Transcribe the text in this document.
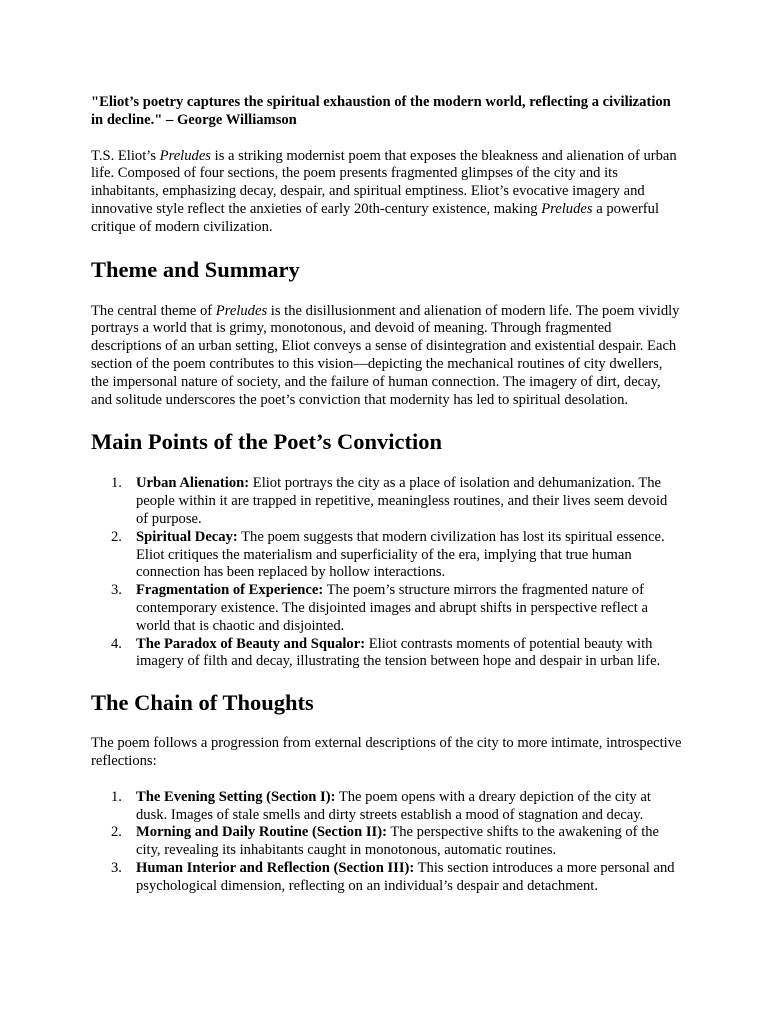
"Eliot’s poetry captures the spiritual exhaustion of the modern world, reflecting a civilization in decline." – George Williamson

T.S. Eliot’s Preludes is a striking modernist poem that exposes the bleakness and alienation of urban life. Composed of four sections, the poem presents fragmented glimpses of the city and its inhabitants, emphasizing decay, despair, and spiritual emptiness. Eliot’s evocative imagery and innovative style reflect the anxieties of early 20th-century existence, making Preludes a powerful critique of modern civilization.

Theme and Summary

The central theme of Preludes is the disillusionment and alienation of modern life. The poem vividly portrays a world that is grimy, monotonous, and devoid of meaning. Through fragmented descriptions of an urban setting, Eliot conveys a sense of disintegration and existential despair. Each section of the poem contributes to this vision—depicting the mechanical routines of city dwellers, the impersonal nature of society, and the failure of human connection. The imagery of dirt, decay, and solitude underscores the poet’s conviction that modernity has led to spiritual desolation.

Main Points of the Poet’s Conviction
1. Urban Alienation: Eliot portrays the city as a place of isolation and dehumanization. The people within it are trapped in repetitive, meaningless routines, and their lives seem devoid of purpose.
2. Spiritual Decay: The poem suggests that modern civilization has lost its spiritual essence. Eliot critiques the materialism and superficiality of the era, implying that true human connection has been replaced by hollow interactions.
3. Fragmentation of Experience: The poem’s structure mirrors the fragmented nature of contemporary existence. The disjointed images and abrupt shifts in perspective reflect a world that is chaotic and disjointed.
4. The Paradox of Beauty and Squalor: Eliot contrasts moments of potential beauty with imagery of filth and decay, illustrating the tension between hope and despair in urban life.
The Chain of Thoughts

The poem follows a progression from external descriptions of the city to more intimate, introspective reflections:

1. The Evening Setting (Section I): The poem opens with a dreary depiction of the city at dusk. Images of stale smells and dirty streets establish a mood of stagnation and decay.
2. Morning and Daily Routine (Section II): The perspective shifts to the awakening of the city, revealing its inhabitants caught in monotonous, automatic routines.
3. Human Interior and Reflection (Section III): This section introduces a more personal and psychological dimension, reflecting on an individual’s despair and detachment.
